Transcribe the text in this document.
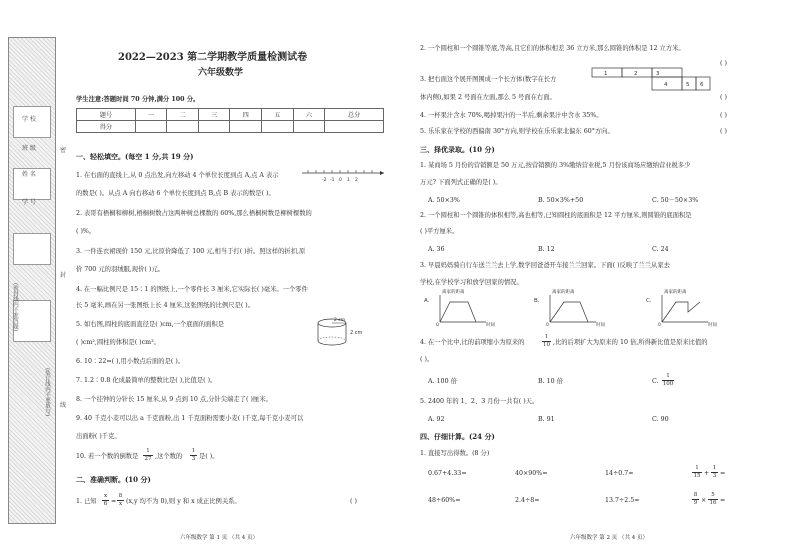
(密封线内不准答题)
(装订线内不要填写)
学 校
班 级
姓 名
学 号
密
封
线
2022—2023 第二学期教学质量检测试卷
六年级数学
学生注意:答题时间 70 分钟,满分 100 分。
题号	一	二	三	四	五	六	总分
得分							
一、轻松填空。(每空 1 分,共 19 分)
1. 在右面的直线上,从 0 点出发,向左移动 4 个单位长度到点 A,点 A 表示
-2 -1 0 1 2
的数是( )。从点 A 向右移动 6 个单位长度到点 B,点 B 表示的数是( )。
2. 表哥有梧桐和柳树,梧桐树数占这两种树总棵数的 60%,那么梧桐树数是柳树棵数的
( )%。
3. 一件连衣裙现价 150 元,比原价降低了 100 元,相当于打( )折。照这样的折扣,原
价 700 元的羽绒服,现价( )元。
4. 在一幅比例尺是 15∶1 的图纸上,一个零件长 3 厘米,它实际长( )毫米。一个零件
长 5 毫米,画在另一张图纸上长 4 厘米,这张图纸的比例尺是( )。
5. 如右图,圆柱的底面直径是( )cm,一个底面的面积是
( )cm²,圆柱的体积是( )cm³。
2 cm
2 cm
6. 10∶22=( ),用小数点后面的是( )。
7. 1.2∶0.8 化成最简单的整数比是( ),比值是( )。
8. 一个挂钟的分针长 15 厘米,从 9 点到 10 点,分针尖端走了( )厘米。
9. 40 千克小麦可以出 a 千克面粉,出 1 千克面粉需要小麦( )千克,每千克小麦可以
出面粉( )千克。
10. 若一个数的倒数是 $\frac{1}{27}$ ,这个数的 $\frac{1}{3}$ 是( )。
二、准确判断。(10 分)
1. 已知 $\frac{x}{6} = \frac{8}{x} (x,y$ 均不为 0),则 y 和 x 成正比例关系。	( )
六年级数学 第 1 页 （共 4 页）
2. 一个圆柱和一个圆锥等底,等高,且它们的体积相差 36 立方米,那么圆锥的体积是 12 立方米。
( )
3. 把右面这个展开图围成一个长方体(数字在长方
体内侧),如果 2 号面在左面,那么 5 号面在右面。
1	2	3
4	5 6
( )
4. 一杯果汁含水 70%,喝掉果汁的一半后,剩余果汁中含水 35%。	( )
5. 乐乐家在学校的西偏南 30°方向,则学校在乐乐家北偏东 60°方向。	( )
三、择优录取。(10 分)
1. 某商场 5 月份的营销额是 50 万元,按营销额的 3%缴纳营业税,5 月份该商场应缴纳营业税多少
万元? 下面列式正确的是( )。
A. 50×3%	B. 50×3%+50	C. 50－50×3%
2. 一个圆柱和一个圆锥的体积相等,高也相等,已知圆柱的底面积是 12 平方厘米,则圆锥的底面积是
( )平方厘米。
A. 36	B. 12	C. 24
3. 早晨妈妈骑自行车送兰兰去上学,数学回爸爸开车接兰兰回家。下面( )反映了兰兰从家去
学校,在学校学习和放学回家的情况。
A.
离家的距离
0	时间
B.
离家的距离
0	时间
C.
离家的距离
0	时间
4. 在一个比中,比的前项缩小为原来的	$\frac{1}{10}$ ,比的后项扩大为原来的 10 倍,所得新比值是原来比值的
( )。
A. 100 倍	B. 10 倍	C. $\frac{1}{100}$
5. 2400 年的 1、2、3 月份一共有( )天。
A. 92	B. 91	C. 90
四、仔细计算。(24 分)
1. 直接写出得数。(8 分)
0.67+4.33=	40×90%=	14÷0.7=	$\frac{1}{15} + \frac{1}{3}$ =
48÷60%=	2.4÷8=	13.7÷2.5=	$\frac{8}{9} \times \frac{5}{16}$ =
六年级数学 第 2 页 （共 4 页）
